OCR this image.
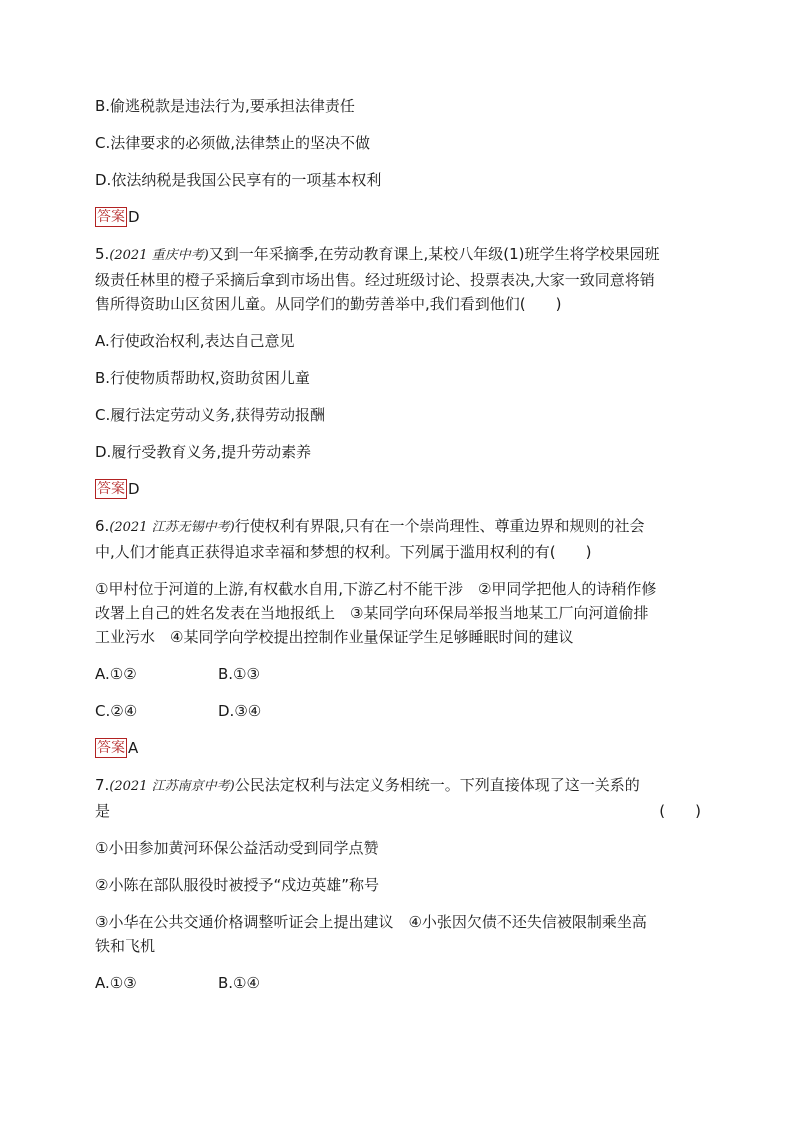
B.偷逃税款是违法行为,要承担法律责任
C.法律要求的必须做,法律禁止的坚决不做
D.依法纳税是我国公民享有的一项基本权利
答案 D
5.(2021 重庆中考)又到一年采摘季,在劳动教育课上,某校八年级(1)班学生将学校果园班
级责任林里的橙子采摘后拿到市场出售。经过班级讨论、投票表决,大家一致同意将销
售所得资助山区贫困儿童。从同学们的勤劳善举中,我们看到他们(　　)
A.行使政治权利,表达自己意见
B.行使物质帮助权,资助贫困儿童
C.履行法定劳动义务,获得劳动报酬
D.履行受教育义务,提升劳动素养
答案 D
6.(2021 江苏无锡中考)行使权利有界限,只有在一个崇尚理性、尊重边界和规则的社会
中,人们才能真正获得追求幸福和梦想的权利。下列属于滥用权利的有(　　)
①甲村位于河道的上游,有权截水自用,下游乙村不能干涉　②甲同学把他人的诗稍作修
改署上自己的姓名发表在当地报纸上　③某同学向环保局举报当地某工厂向河道偷排
工业污水　④某同学向学校提出控制作业量保证学生足够睡眠时间的建议
A.①②	B.①③
C.②④	D.③④
答案 A
7.(2021 江苏南京中考)公民法定权利与法定义务相统一。下列直接体现了这一关系的
是	(　　)
①小田参加黄河环保公益活动受到同学点赞
②小陈在部队服役时被授予“戍边英雄”称号
③小华在公共交通价格调整听证会上提出建议　④小张因欠债不还失信被限制乘坐高
铁和飞机
A.①③	B.①④
